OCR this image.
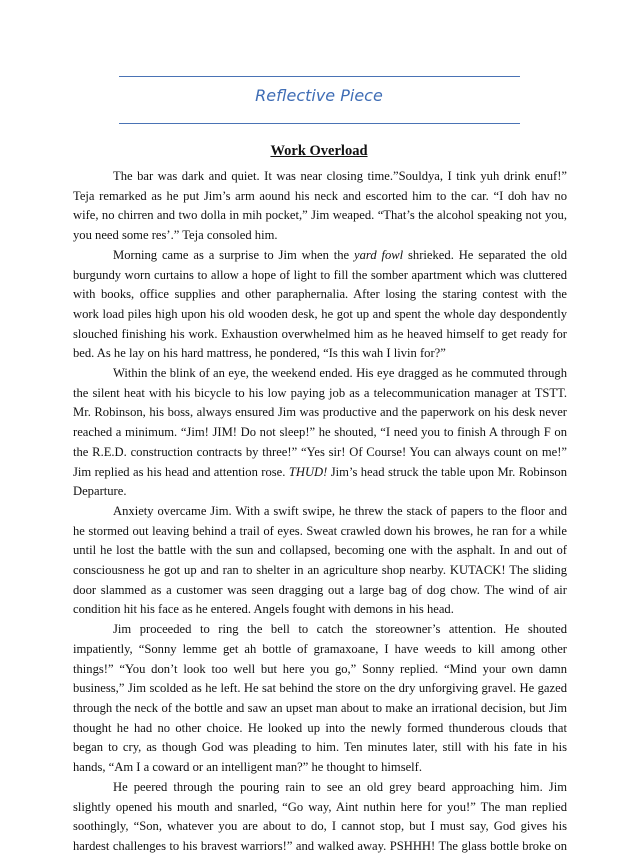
Reflective Piece
Work Overload
The bar was dark and quiet. It was near closing time.”Souldya, I tink yuh drink enuf!”
Teja remarked as he put Jim’s arm aound his neck and escorted him to the car. “I doh hav no
wife, no chirren and two dolla in mih pocket,” Jim weaped. “That’s the alcohol speaking not you,
you need some res’.” Teja consoled him.
Morning came as a surprise to Jim when the yard fowl shrieked. He separated the old
burgundy worn curtains to allow a hope of light to fill the somber apartment which was cluttered
with books, office supplies and other paraphernalia. After losing the staring contest with the
work load piles high upon his old wooden desk, he got up and spent the whole day despondently
slouched finishing his work. Exhaustion overwhelmed him as he heaved himself to get ready for
bed. As he lay on his hard mattress, he pondered, “Is this wah I livin for?”
Within the blink of an eye, the weekend ended. His eye dragged as he commuted through
the silent heat with his bicycle to his low paying job as a telecommunication manager at TSTT.
Mr. Robinson, his boss, always ensured Jim was productive and the paperwork on his desk never
reached a minimum. “Jim! JIM! Do not sleep!” he shouted, “I need you to finish A through F on
the R.E.D. construction contracts by three!” “Yes sir! Of Course! You can always count on me!”
Jim replied as his head and attention rose. THUD! Jim’s head struck the table upon Mr. Robinson
Departure.
Anxiety overcame Jim. With a swift swipe, he threw the stack of papers to the floor and
he stormed out leaving behind a trail of eyes. Sweat crawled down his browes, he ran for a while
until he lost the battle with the sun and collapsed, becoming one with the asphalt. In and out of
consciousness he got up and ran to shelter in an agriculture shop nearby. KUTACK! The sliding
door slammed as a customer was seen dragging out a large bag of dog chow. The wind of air
condition hit his face as he entered. Angels fought with demons in his head.
Jim proceeded to ring the bell to catch the storeowner’s attention. He shouted
impatiently, “Sonny lemme get ah bottle of gramaxoane, I have weeds to kill among other
things!” “You don’t look too well but here you go,” Sonny replied. “Mind your own damn
business,” Jim scolded as he left. He sat behind the store on the dry unforgiving gravel. He gazed
through the neck of the bottle and saw an upset man about to make an irrational decision, but Jim
thought he had no other choice. He looked up into the newly formed thunderous clouds that
began to cry, as though God was pleading to him. Ten minutes later, still with his fate in his
hands, “Am I a coward or an intelligent man?” he thought to himself.
He peered through the pouring rain to see an old grey beard approaching him. Jim
slightly opened his mouth and snarled, “Go way, Aint nuthin here for you!” The man replied
soothingly, “Son, whatever you are about to do, I cannot stop, but I must say, God gives his
hardest challenges to his bravest warriors!” and walked away. PSHHH! The glass bottle broke on
